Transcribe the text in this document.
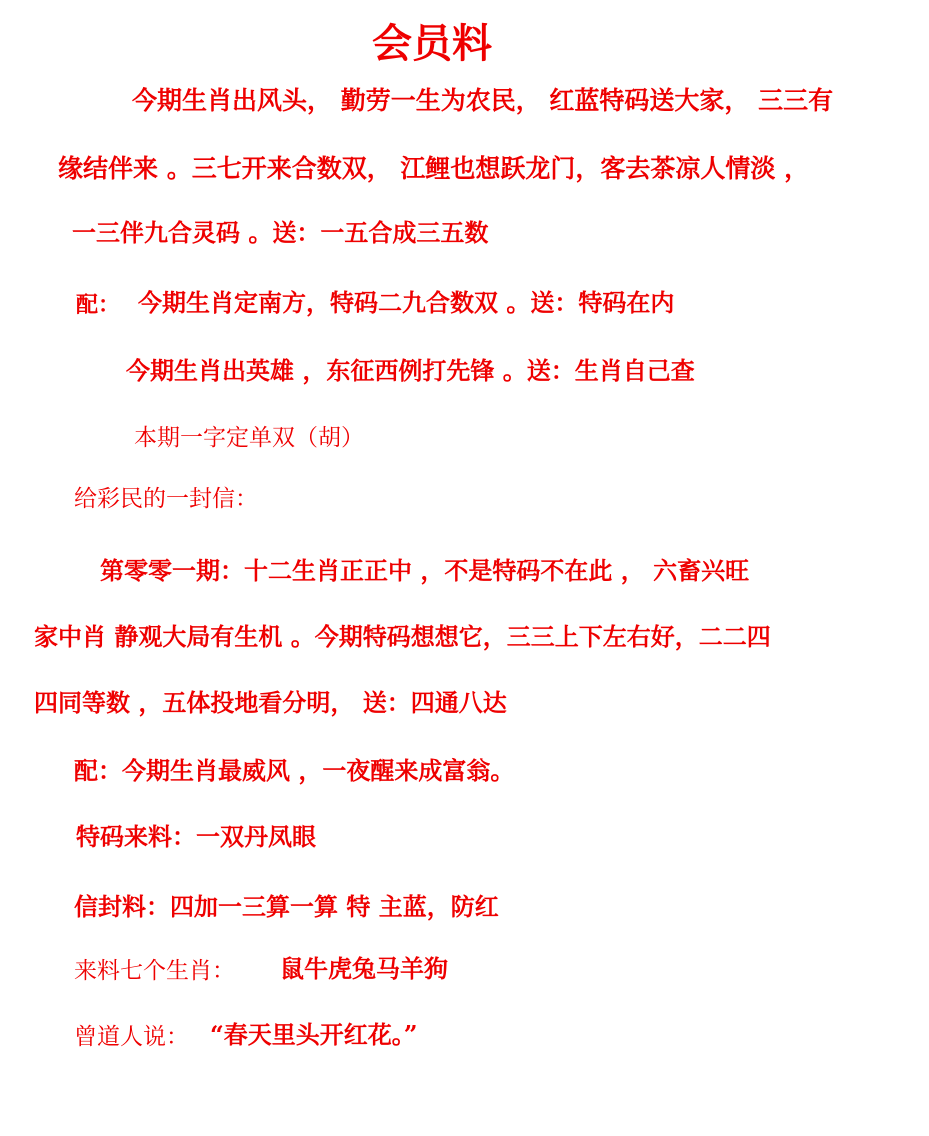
会员料
今期生肖出风头， 勤劳一生为农民， 红蓝特码送大家， 三三有
缘结伴来 。三七开来合数双， 江鲤也想跃龙门，客去茶凉人情淡 ，
一三伴九合灵码 。送：一五合成三五数
配： 今期生肖定南方，特码二九合数双 。送：特码在内
今期生肖出英雄 ，东征西例打先锋 。送：生肖自己查
本期一字定单双（胡）
给彩民的一封信：
第零零一期：十二生肖正正中 ，不是特码不在此 ， 六畜兴旺
家中肖 静观大局有生机 。今期特码想想它，三三上下左右好，二二四
四同等数 ，五体投地看分明， 送：四通八达
配：今期生肖最威风 ，一夜醒来成富翁。
特码来料：一双丹凤眼
信封料：四加一三算一算 特 主蓝，防红
来料七个生肖： 鼠牛虎兔马羊狗
曾道人说： “春天里头开红花。”
